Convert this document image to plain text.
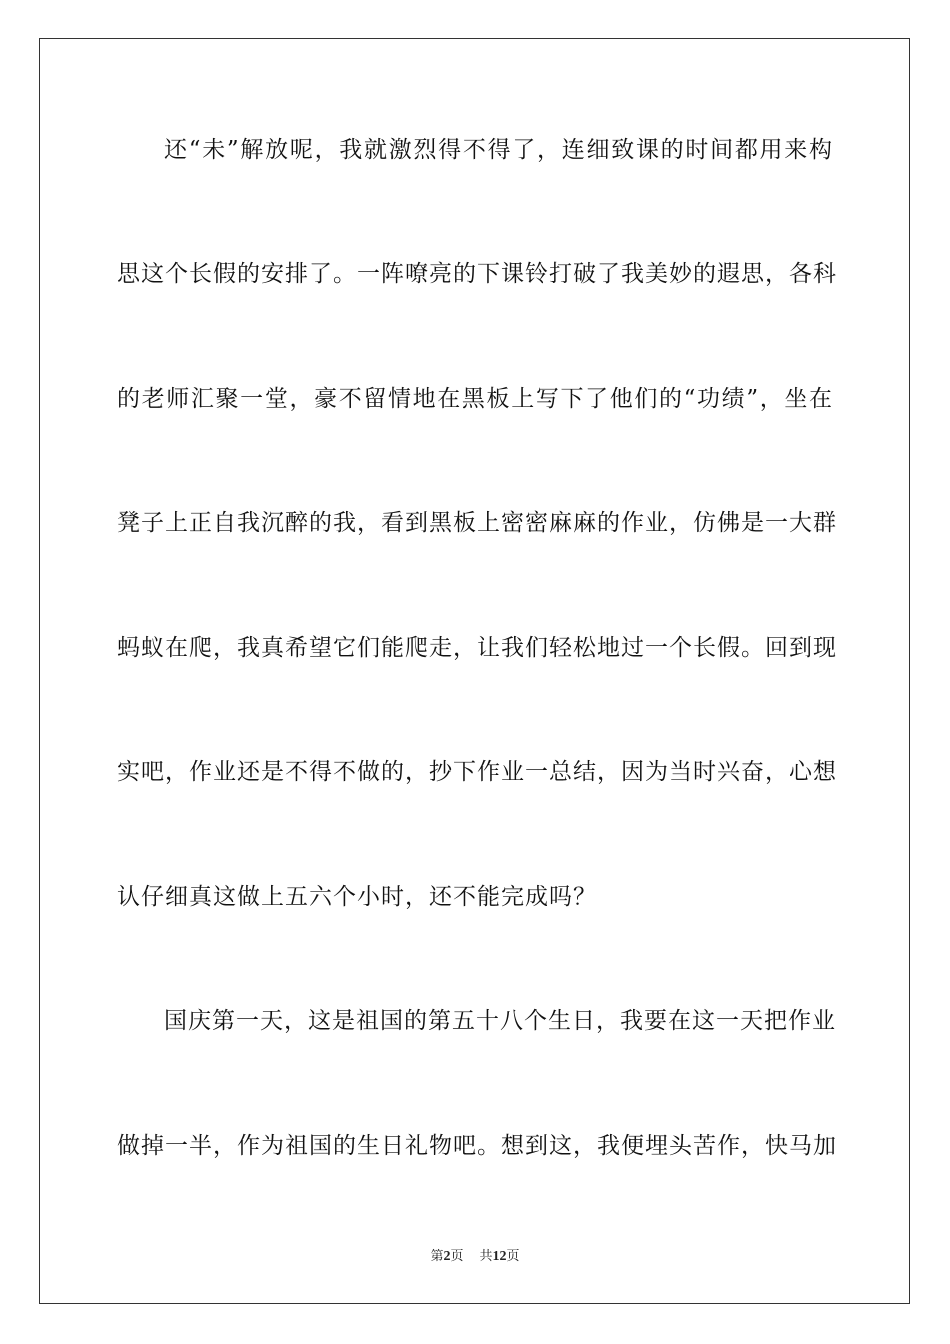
还“未”解放呢，我就激烈得不得了，连细致课的时间都用来构
思这个长假的安排了。一阵嘹亮的下课铃打破了我美妙的遐思，各科
的老师汇聚一堂，豪不留情地在黑板上写下了他们的“功绩”，坐在
凳子上正自我沉醉的我，看到黑板上密密麻麻的作业，仿佛是一大群
蚂蚁在爬，我真希望它们能爬走，让我们轻松地过一个长假。回到现
实吧，作业还是不得不做的，抄下作业一总结，因为当时兴奋，心想
认仔细真这做上五六个小时，还不能完成吗？
国庆第一天，这是祖国的第五十八个生日，我要在这一天把作业
做掉一半，作为祖国的生日礼物吧。想到这，我便埋头苦作，快马加
第2页 共12页
